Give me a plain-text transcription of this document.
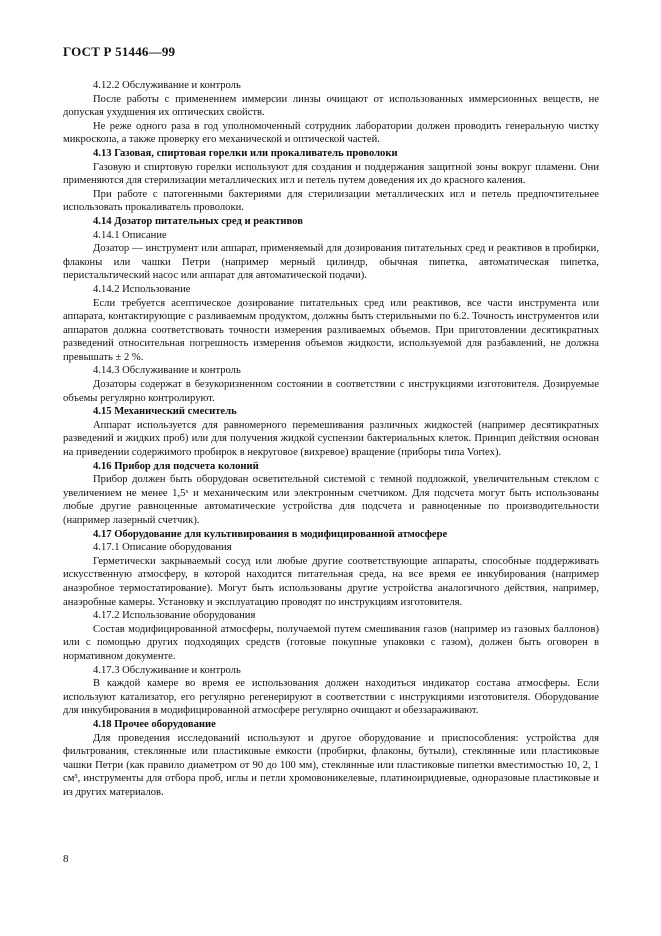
ГОСТ Р 51446—99

4.12.2 Обслуживание и контроль

После работы с применением иммерсии линзы очищают от использованных иммерсионных веществ, не допуская ухудшения их оптических свойств.

Не реже одного раза в год уполномоченный сотрудник лаборатории должен проводить генеральную чистку микроскопа, а также проверку его механической и оптической частей.

4.13 Газовая, спиртовая горелки или прокаливатель проволоки

Газовую и спиртовую горелки используют для создания и поддержания защитной зоны вокруг пламени. Они применяются для стерилизации металлических игл и петель путем доведения их до красного каления.

При работе с патогенными бактериями для стерилизации металлических игл и петель предпочтительнее использовать прокаливатель проволоки.

4.14 Дозатор питательных сред и реактивов

4.14.1 Описание

Дозатор — инструмент или аппарат, применяемый для дозирования питательных сред и реактивов в пробирки, флаконы или чашки Петри (например мерный цилиндр, обычная пипетка, автоматическая пипетка, перистальтический насос или аппарат для автоматической подачи).

4.14.2 Использование

Если требуется асептическое дозирование питательных сред или реактивов, все части инструмента или аппарата, контактирующие с разливаемым продуктом, должны быть стерильными по 6.2. Точность инструментов или аппаратов должна соответствовать точности измерения разливаемых объемов. При приготовлении десятикратных разведений относительная погрешность измерения объемов жидкости, используемой для разбавлений, не должна превышать ± 2 %.

4.14.3 Обслуживание и контроль

Дозаторы содержат в безукоризненном состоянии в соответствии с инструкциями изготовителя. Дозируемые объемы регулярно контролируют.

4.15 Механический смеситель

Аппарат используется для равномерного перемешивания различных жидкостей (например десятикратных разведений и жидких проб) или для получения жидкой суспензии бактериальных клеток. Принцип действия основан на приведении содержимого пробирок в некруговое (вихревое) вращение (приборы типа Vortex).

4.16 Прибор для подсчета колоний

Прибор должен быть оборудован осветительной системой с темной подложкой, увеличительным стеклом с увеличением не менее 1,5ˣ и механическим или электронным счетчиком. Для подсчета могут быть использованы любые другие равноценные автоматические устройства для подсчета и равноценные по производительности (например лазерный счетчик).

4.17 Оборудование для культивирования в модифицированной атмосфере

4.17.1 Описание оборудования

Герметически закрываемый сосуд или любые другие соответствующие аппараты, способные поддерживать искусственную атмосферу, в которой находится питательная среда, на все время ее инкубирования (например анаэробное термостатирование). Могут быть использованы другие устройства аналогичного действия, например, анаэробные камеры. Установку и эксплуатацию проводят по инструкциям изготовителя.

4.17.2 Использование оборудования

Состав модифицированной атмосферы, получаемой путем смешивания газов (например из газовых баллонов) или с помощью других подходящих средств (готовые покупные упаковки с газом), должен быть оговорен в нормативном документе.

4.17.3 Обслуживание и контроль

В каждой камере во время ее использования должен находиться индикатор состава атмосферы. Если используют катализатор, его регулярно регенерируют в соответствии с инструкциями изготовителя. Оборудование для инкубирования в модифицированной атмосфере регулярно очищают и обеззараживают.

4.18 Прочее оборудование

Для проведения исследований используют и другое оборудование и приспособления: устройства для фильтрования, стеклянные или пластиковые емкости (пробирки, флаконы, бутыли), стеклянные или пластиковые чашки Петри (как правило диаметром от 90 до 100 мм), стеклянные или пластиковые пипетки вместимостью 10, 2, 1 см³, инструменты для отбора проб, иглы и петли хромовоникелевые, платиноиридиевые, одноразовые пластиковые и из других материалов.

8
